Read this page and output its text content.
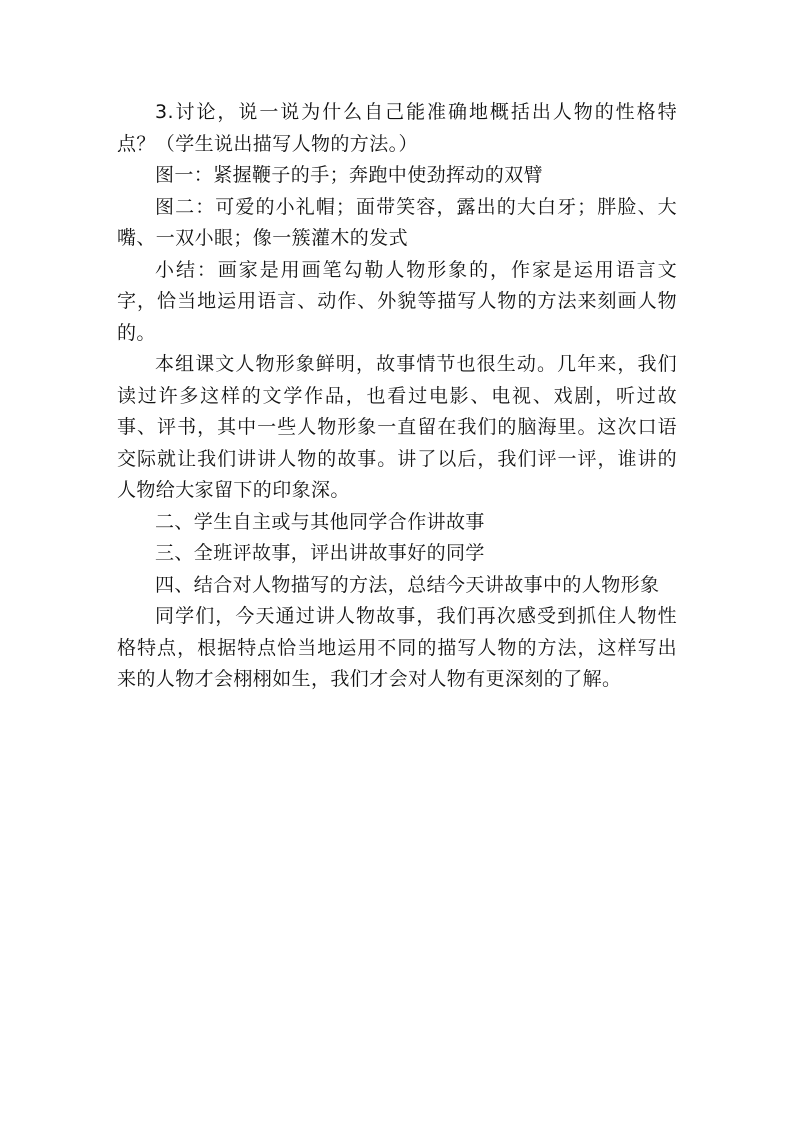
3.讨论，说一说为什么自己能准确地概括出人物的性格特点？（学生说出描写人物的方法。）

图一：紧握鞭子的手；奔跑中使劲挥动的双臂

图二：可爱的小礼帽；面带笑容，露出的大白牙；胖脸、大嘴、一双小眼；像一簇灌木的发式

小结：画家是用画笔勾勒人物形象的，作家是运用语言文字，恰当地运用语言、动作、外貌等描写人物的方法来刻画人物的。

本组课文人物形象鲜明，故事情节也很生动。几年来，我们读过许多这样的文学作品，也看过电影、电视、戏剧，听过故事、评书，其中一些人物形象一直留在我们的脑海里。这次口语交际就让我们讲讲人物的故事。讲了以后，我们评一评，谁讲的人物给大家留下的印象深。

二、学生自主或与其他同学合作讲故事

三、全班评故事，评出讲故事好的同学

四、结合对人物描写的方法，总结今天讲故事中的人物形象

同学们，今天通过讲人物故事，我们再次感受到抓住人物性格特点，根据特点恰当地运用不同的描写人物的方法，这样写出来的人物才会栩栩如生，我们才会对人物有更深刻的了解。
